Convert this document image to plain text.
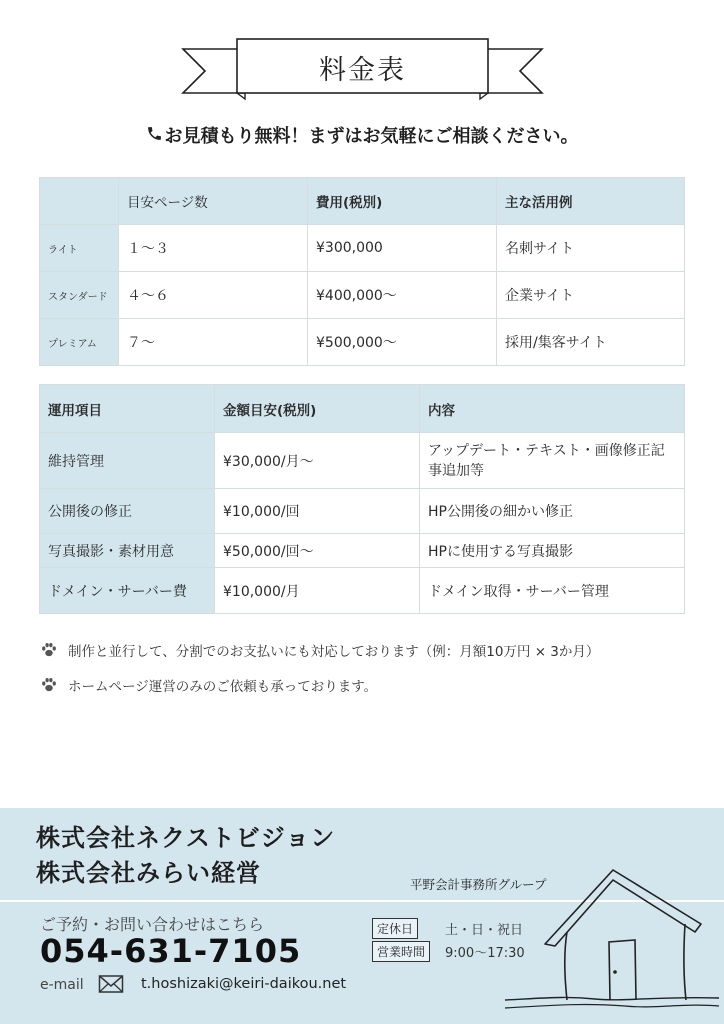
料金表
お見積もり無料！まずはお気軽にご相談ください。
	目安ページ数	費用(税別)	主な活用例
ライト	１〜３	¥300,000	名刺サイト
スタンダード	４〜６	¥400,000〜	企業サイト
プレミアム	７〜	¥500,000〜	採用/集客サイト
運用項目	金額目安(税別)	内容
維持管理	¥30,000/月〜	アップデート・テキスト・画像修正記事追加等
公開後の修正	¥10,000/回	HP公開後の細かい修正
写真撮影・素材用意	¥50,000/回〜	HPに使用する写真撮影
ドメイン・サーバー費	¥10,000/月	ドメイン取得・サーバー管理
制作と並行して、分割でのお支払いにも対応しております（例：月額10万円 × 3か月）
ホームページ運営のみのご依頼も承っております。
株式会社ネクストビジョン
株式会社みらい経営	平野会計事務所グループ
ご予約・お問い合わせはこちら
054-631-7105
e-mail	t.hoshizaki@keiri-daikou.net
定休日	土・日・祝日
営業時間	9:00〜17:30
